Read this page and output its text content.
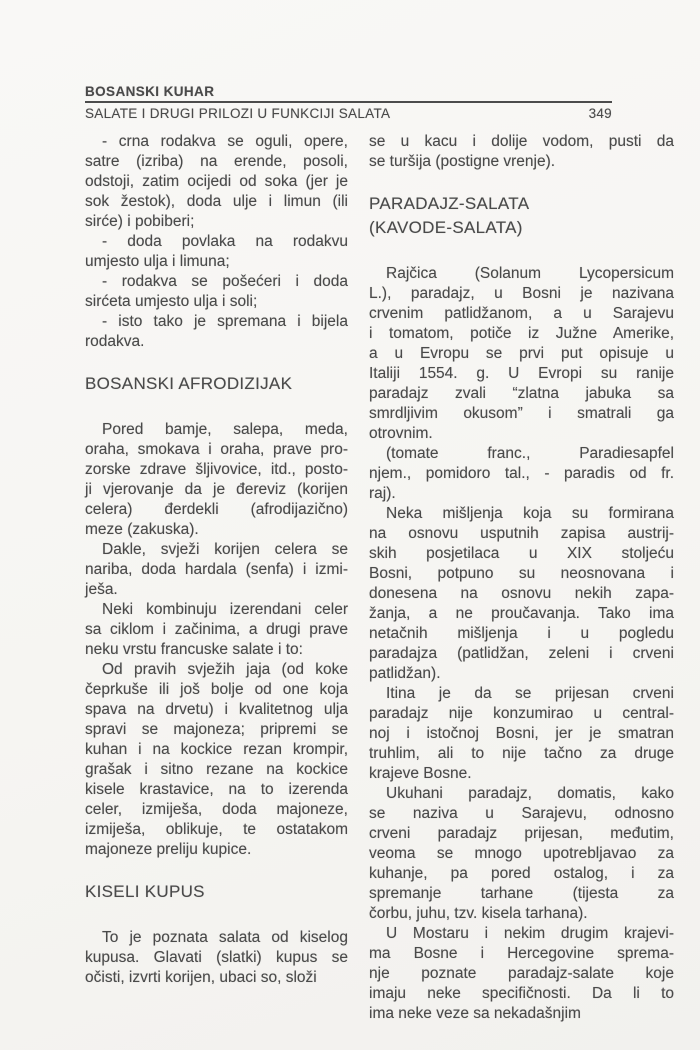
BOSANSKI KUHAR
SALATE I DRUGI PRILOZI U FUNKCIJI SALATA	349
- crna rodakva se oguli, opere,
satre (izriba) na erende, posoli,
odstoji, zatim ocijedi od soka (jer je
sok žestok), doda ulje i limun (ili
sirće) i pobiberi;
- doda povlaka na rodakvu
umjesto ulja i limuna;
- rodakva se pošećeri i doda
sirćeta umjesto ulja i soli;
- isto tako je spremana i bijela
rodakva.
BOSANSKI AFRODIZIJAK
Pored bamje, salepa, meda,
oraha, smokava i oraha, prave pro-
zorske zdrave šljivovice, itd., posto-
ji vjerovanje da je đereviz (korijen
celera) đerdekli (afrodijazično)
meze (zakuska).
Dakle, svježi korijen celera se
nariba, doda hardala (senfa) i izmi-
ješa.
Neki kombinuju izerendani celer
sa ciklom i začinima, a drugi prave
neku vrstu francuske salate i to:
Od pravih svježih jaja (od koke
čeprkuše ili još bolje od one koja
spava na drvetu) i kvalitetnog ulja
spravi se majoneza; pripremi se
kuhan i na kockice rezan krompir,
grašak i sitno rezane na kockice
kisele krastavice, na to izerenda
celer, izmiješa, doda majoneze,
izmiješa, oblikuje, te ostatakom
majoneze preliju kupice.
KISELI KUPUS
To je poznata salata od kiselog
kupusa. Glavati (slatki) kupus se
očisti, izvrti korijen, ubaci so, složi
se u kacu i dolije vodom, pusti da
se turšija (postigne vrenje).
PARADAJZ-SALATA
(KAVODE-SALATA)
Rajčica (Solanum Lycopersicum
L.), paradajz, u Bosni je nazivana
crvenim patlidžanom, a u Sarajevu
i tomatom, potiče iz Južne Amerike,
a u Evropu se prvi put opisuje u
Italiji 1554. g. U Evropi su ranije
paradajz zvali “zlatna jabuka sa
smrdljivim okusom” i smatrali ga
otrovnim.
(tomate franc., Paradiesapfel
njem., pomidoro tal., - paradis od fr.
raj).
Neka mišljenja koja su formirana
na osnovu usputnih zapisa austrij-
skih posjetilaca u XIX stoljeću
Bosni, potpuno su neosnovana i
donesena na osnovu nekih zapa-
žanja, a ne proučavanja. Tako ima
netačnih mišljenja i u pogledu
paradajza (patlidžan, zeleni i crveni
patlidžan).
Itina je da se prijesan crveni
paradajz nije konzumirao u central-
noj i istočnoj Bosni, jer je smatran
truhlim, ali to nije tačno za druge
krajeve Bosne.
Ukuhani paradajz, domatis, kako
se naziva u Sarajevu, odnosno
crveni paradajz prijesan, međutim,
veoma se mnogo upotrebljavao za
kuhanje, pa pored ostalog, i za
spremanje tarhane (tijesta za
čorbu, juhu, tzv. kisela tarhana).
U Mostaru i nekim drugim krajevi-
ma Bosne i Hercegovine sprema-
nje poznate paradajz-salate koje
imaju neke specifičnosti. Da li to
ima neke veze sa nekadašnjim
